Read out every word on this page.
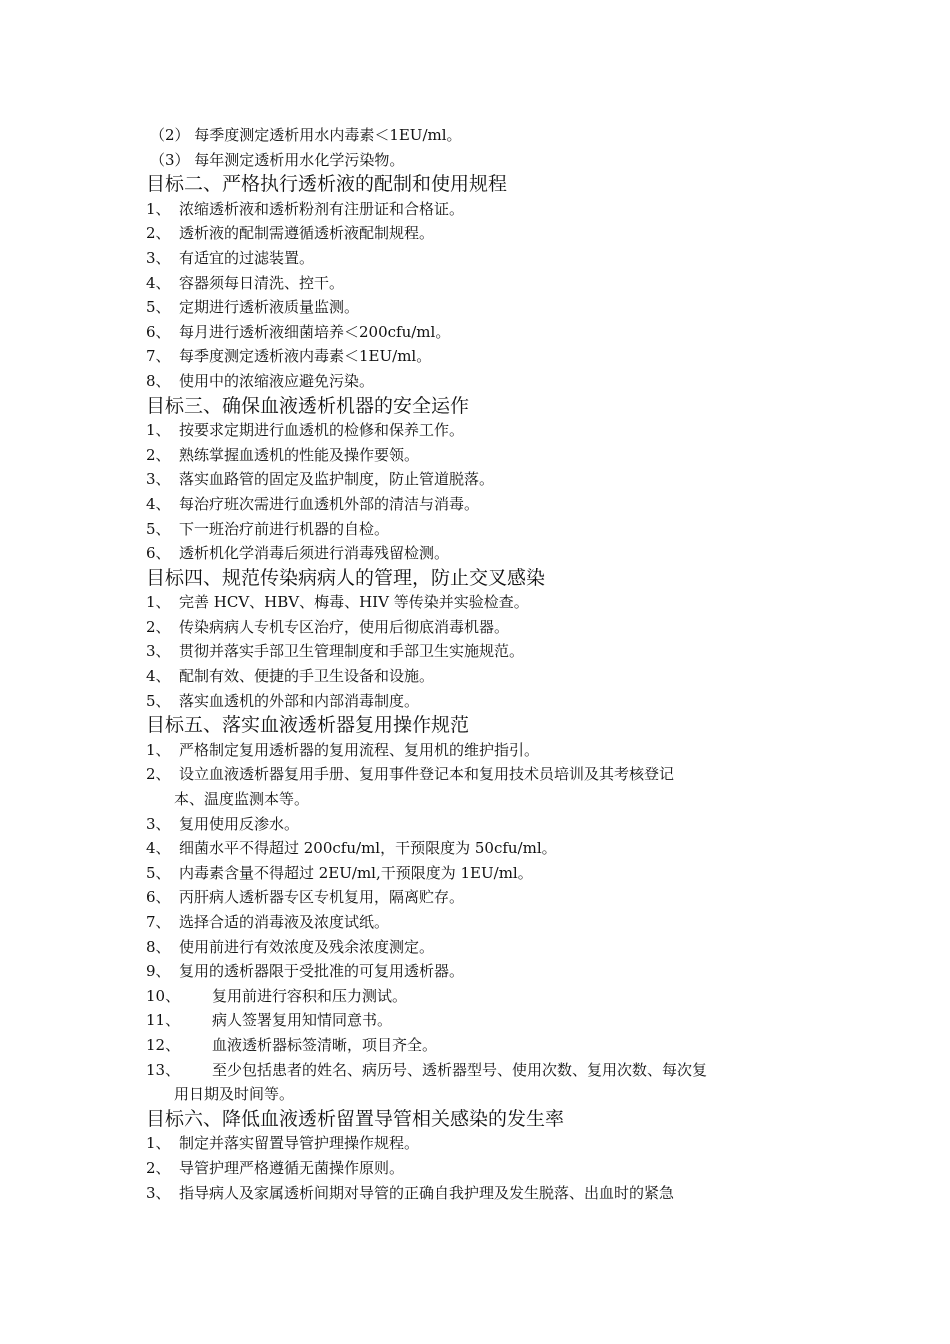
（2） 每季度测定透析用水内毒素＜1EU/ml。
（3） 每年测定透析用水化学污染物。
目标二、严格执行透析液的配制和使用规程
1、 浓缩透析液和透析粉剂有注册证和合格证。
2、 透析液的配制需遵循透析液配制规程。
3、 有适宜的过滤装置。
4、 容器须每日清洗、控干。
5、 定期进行透析液质量监测。
6、 每月进行透析液细菌培养＜200cfu/ml。
7、 每季度测定透析液内毒素＜1EU/ml。
8、 使用中的浓缩液应避免污染。
目标三、确保血液透析机器的安全运作
1、 按要求定期进行血透机的检修和保养工作。
2、 熟练掌握血透机的性能及操作要领。
3、 落实血路管的固定及监护制度，防止管道脱落。
4、 每治疗班次需进行血透机外部的清洁与消毒。
5、 下一班治疗前进行机器的自检。
6、 透析机化学消毒后须进行消毒残留检测。
目标四、规范传染病病人的管理，防止交叉感染
1、 完善 HCV、HBV、梅毒、HIV 等传染并实验检查。
2、 传染病病人专机专区治疗，使用后彻底消毒机器。
3、 贯彻并落实手部卫生管理制度和手部卫生实施规范。
4、 配制有效、便捷的手卫生设备和设施。
5、 落实血透机的外部和内部消毒制度。
目标五、落实血液透析器复用操作规范
1、 严格制定复用透析器的复用流程、复用机的维护指引。
2、 设立血液透析器复用手册、复用事件登记本和复用技术员培训及其考核登记
本、温度监测本等。
3、 复用使用反渗水。
4、 细菌水平不得超过 200cfu/ml，干预限度为 50cfu/ml。
5、 内毒素含量不得超过 2EU/ml,干预限度为 1EU/ml。
6、 丙肝病人透析器专区专机复用，隔离贮存。
7、 选择合适的消毒液及浓度试纸。
8、 使用前进行有效浓度及残余浓度测定。
9、 复用的透析器限于受批准的可复用透析器。
10、	复用前进行容积和压力测试。
11、	病人签署复用知情同意书。
12、	血液透析器标签清晰，项目齐全。
13、	至少包括患者的姓名、病历号、透析器型号、使用次数、复用次数、每次复
用日期及时间等。
目标六、降低血液透析留置导管相关感染的发生率
1、 制定并落实留置导管护理操作规程。
2、 导管护理严格遵循无菌操作原则。
3、 指导病人及家属透析间期对导管的正确自我护理及发生脱落、出血时的紧急
